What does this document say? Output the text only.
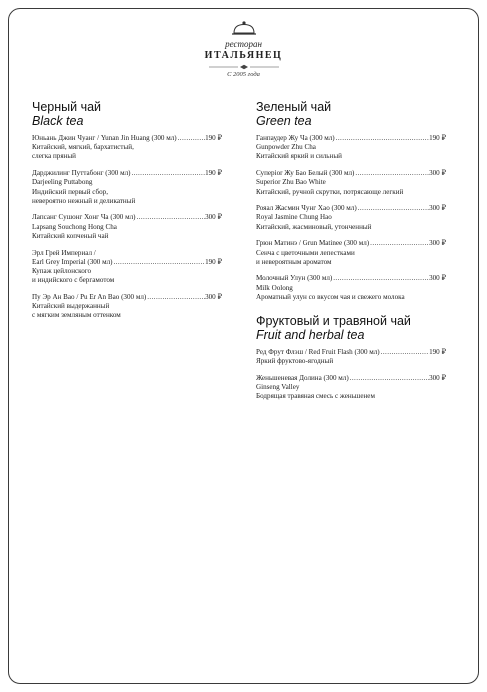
ресторан
ИТАЛЬЯНЕЦ
С 2005 года
Черный чай
Black tea
Юньань Джин Чуанг / Yunan Jin Huang (300 мл) .....	190 ₽
Китайский, мягкий, бархатистый,
слегка пряный
Дарджилинг Путтабонг (300 мл) .....	190 ₽
Darjeeling Puttabong
Индийский первый сбор,
невероятно нежный и деликатный
Лапсанг Сушонг Хонг Ча (300 мл) .....	300 ₽
Lapsang Souchong Hong Cha
Китайский копченый чай
Эрл Грей Империал /
Earl Grey Imperial (300 мл) .....	190 ₽
Купаж цейлонского
и индийского с бергамотом
Пу Эр Ан Вао / Pu Er An Bao (300 мл) .....	300 ₽
Китайский выдержанный
с мягким земляным оттенком
Зеленый чай
Green tea
Ганпаудер Жу Ча (300 мл) .....	190 ₽
Gunpowder Zhu Cha
Китайский яркий и сильный
Суперior Жу Бао Белый (300 мл) .....	300 ₽
Superior Zhu Bao White
Китайский, ручной скрутки, потрясающе легкий
Рояал Жасмин Чунг Хао (300 мл) .....	300 ₽
Royal Jasmine Chung Hao
Китайский, жасминовый, утонченный
Грюн Матинэ / Grun Matinee (300 мл) .....	300 ₽
Сенча с цветочными лепестками
и невероятным ароматом
Молочный Улун (300 мл) .....	300 ₽
Milk Oolong
Ароматный улун со вкусом чая и свежего молока
Фруктовый и травяной чай
Fruit and herbal tea
Ред Фрут Флэш / Red Fruit Flash (300 мл) .....	190 ₽
Яркий фруктово-ягодный
Женьшеневая Долина (300 мл) .....	300 ₽
Ginseng Valley
Бодрящая травяная смесь с женьшенем
